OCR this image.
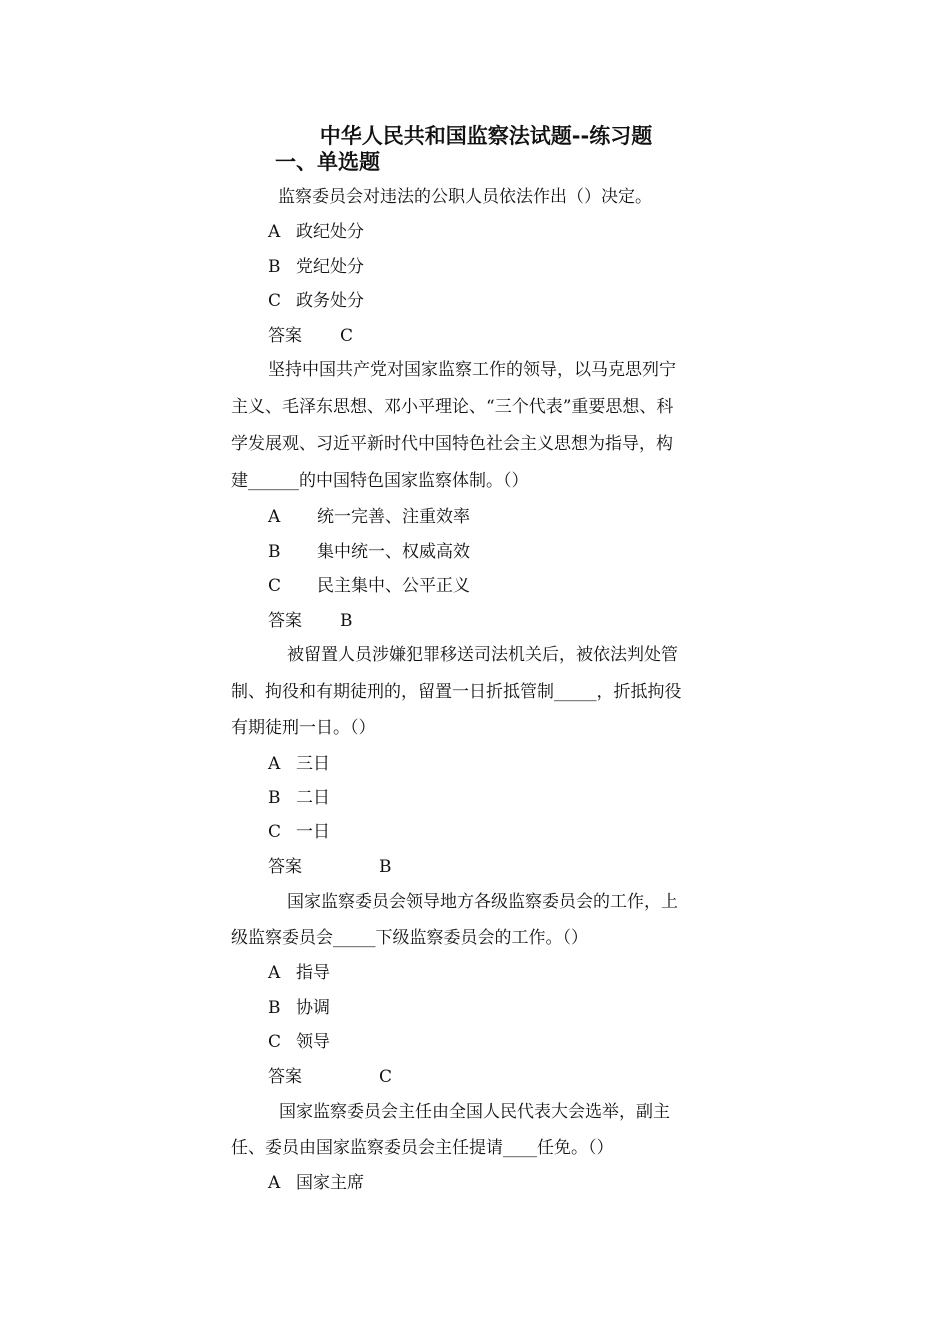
中华人民共和国监察法试题--练习题
一、单选题
监察委员会对违法的公职人员依法作出（）决定。
A 政纪处分
B 党纪处分
C 政务处分
答案 C
坚持中国共产党对国家监察工作的领导，以马克思列宁
主义、毛泽东思想、邓小平理论、“三个代表”重要思想、科
学发展观、习近平新时代中国特色社会主义思想为指导，构
建______的中国特色国家监察体制。（）
A 统一完善、注重效率
B 集中统一、权威高效
C 民主集中、公平正义
答案 B
被留置人员涉嫌犯罪移送司法机关后，被依法判处管
制、拘役和有期徒刑的，留置一日折抵管制_____，折抵拘役
有期徒刑一日。（）
A 三日
B 二日
C 一日
答案	B
国家监察委员会领导地方各级监察委员会的工作，上
级监察委员会_____下级监察委员会的工作。（）
A 指导
B 协调
C 领导
答案	C
国家监察委员会主任由全国人民代表大会选举，副主
任、委员由国家监察委员会主任提请____任免。（）
A 国家主席
